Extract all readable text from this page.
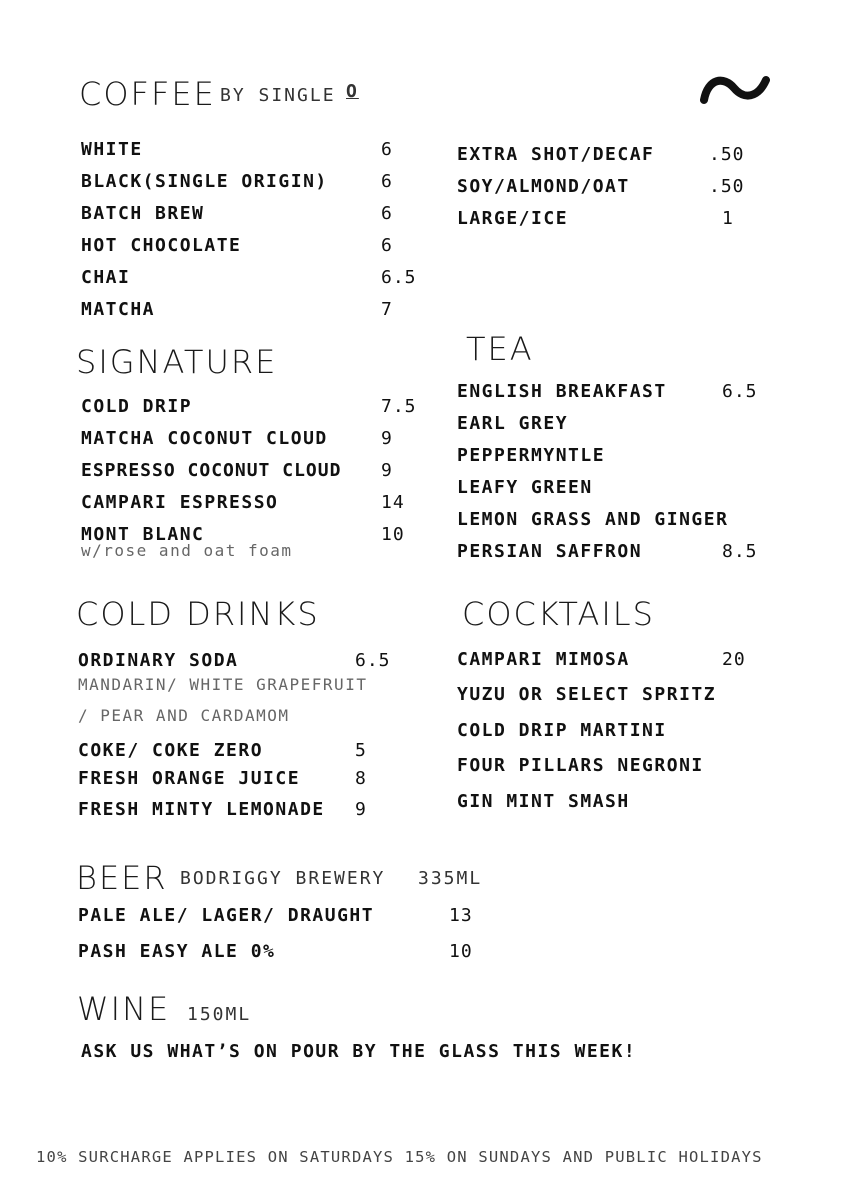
COFFEE BY SINGLE O
WHITE	6
BLACK(SINGLE ORIGIN)	6
BATCH BREW	6
HOT CHOCOLATE	6
CHAI	6.5
MATCHA	7
EXTRA SHOT/DECAF	.50
SOY/ALMOND/OAT	.50
LARGE/ICE	1
SIGNATURE
COLD DRIP	7.5
MATCHA COCONUT CLOUD	9
ESPRESSO COCONUT CLOUD 9
CAMPARI ESPRESSO	14
MONT BLANC	10
w/rose and oat foam
TEA
ENGLISH BREAKFAST	6.5
EARL GREY
PEPPERMYNTLE
LEAFY GREEN
LEMON GRASS AND GINGER
PERSIAN SAFFRON	8.5
COLD DRINKS
ORDINARY SODA	6.5
MANDARIN/ WHITE GRAPEFRUIT
/ PEAR AND CARDAMOM
COKE/ COKE ZERO	5
FRESH ORANGE JUICE	8
FRESH MINTY LEMONADE 9
COCKTAILS
CAMPARI MIMOSA	20
YUZU OR SELECT SPRITZ
COLD DRIP MARTINI
FOUR PILLARS NEGRONI
GIN MINT SMASH
BEER BODRIGGY BREWERY 335ML
PALE ALE/ LAGER/ DRAUGHT	13
PASH EASY ALE 0%	10
WINE 150ML
ASK US WHAT’S ON POUR BY THE GLASS THIS WEEK!
10% SURCHARGE APPLIES ON SATURDAYS 15% ON SUNDAYS AND PUBLIC HOLIDAYS
